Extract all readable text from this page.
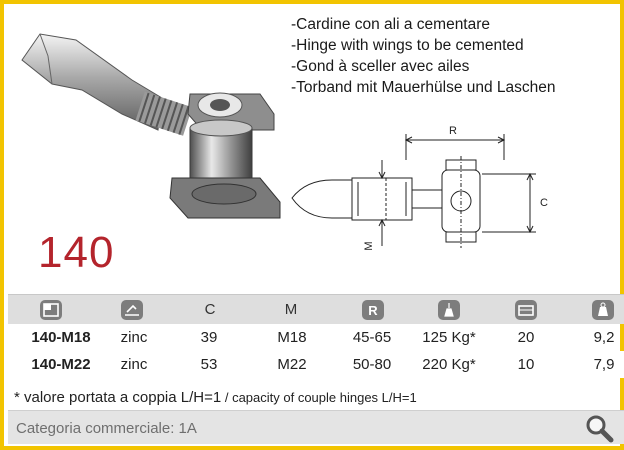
-Cardine con ali a cementare
-Hinge with wings to be cemented
-Gond à sceller avec ailes
-Torband mit Mauerhülse und Laschen
R
C
M
140
C	M	R
140-M18	zinc	39	M18	45-65	125 Kg*	20	9,2
140-M22	zinc	53	M22	50-80	220 Kg*	10	7,9
* valore portata a coppia L/H=1 / capacity of couple hinges L/H=1
Categoria commerciale: 1A
